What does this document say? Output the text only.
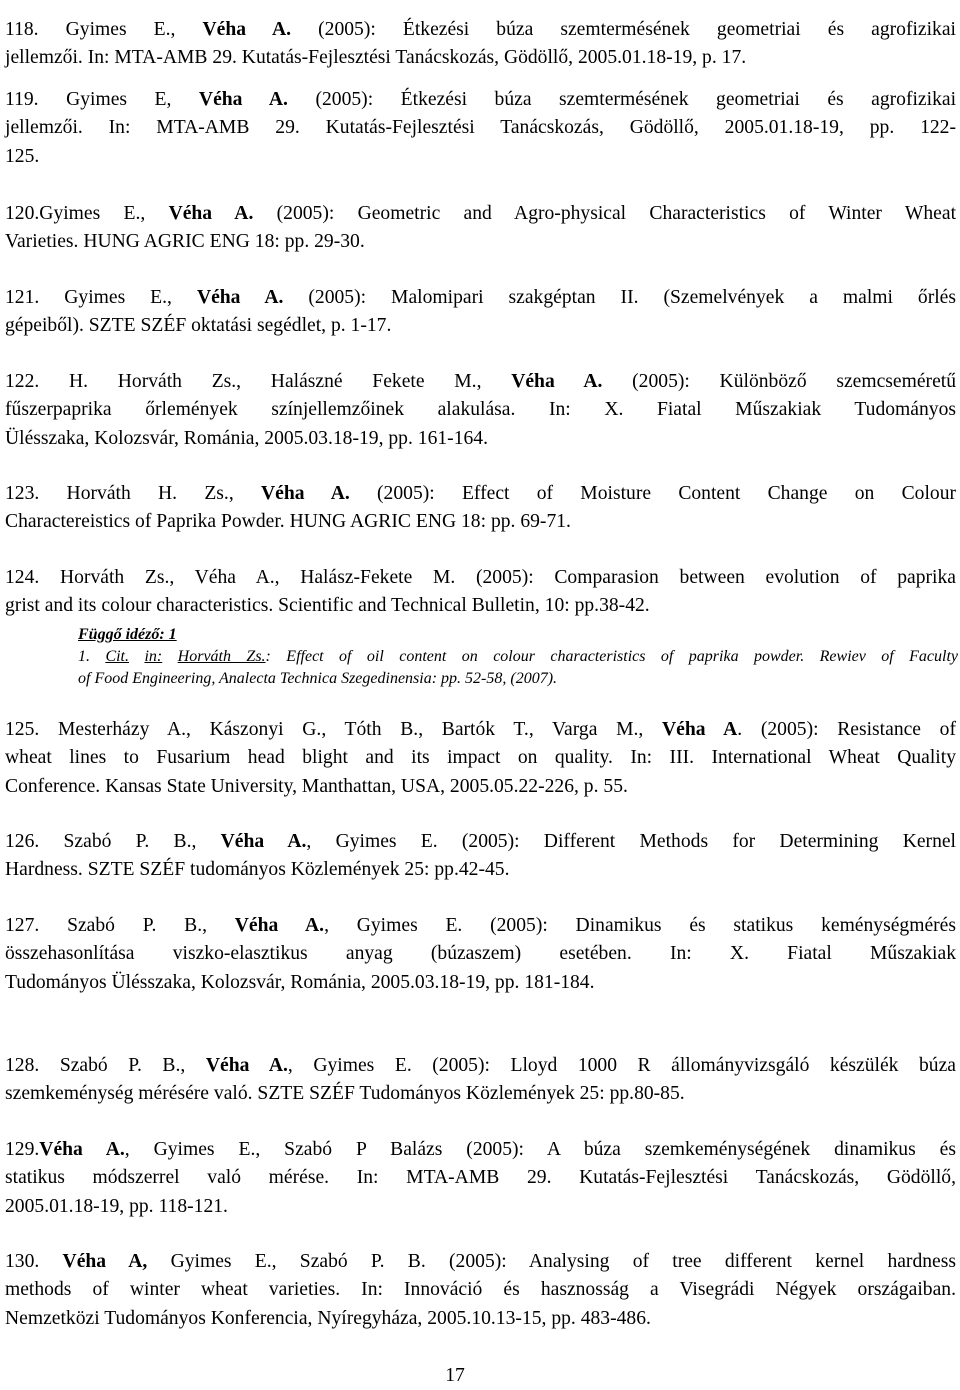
118. Gyimes E., Véha A. (2005): Étkezési búza szemtermésének geometriai és agrofizikai
jellemzői. In: MTA-AMB 29. Kutatás-Fejlesztési Tanácskozás, Gödöllő, 2005.01.18-19, p. 17.
119. Gyimes E, Véha A. (2005): Étkezési búza szemtermésének geometriai és agrofizikai
jellemzői. In: MTA-AMB 29. Kutatás-Fejlesztési Tanácskozás, Gödöllő, 2005.01.18-19, pp. 122-
125.
120.Gyimes E., Véha A. (2005): Geometric and Agro-physical Characteristics of Winter Wheat
Varieties. HUNG AGRIC ENG 18: pp. 29-30.
121. Gyimes E., Véha A. (2005): Malomipari szakgéptan II. (Szemelvények a malmi őrlés
gépeiből). SZTE SZÉF oktatási segédlet, p. 1-17.
122. H. Horváth Zs., Halászné Fekete M., Véha A. (2005): Különböző szemcseméretű
fűszerpaprika őrlemények színjellemzőinek alakulása. In: X. Fiatal Műszakiak Tudományos
Ülésszaka, Kolozsvár, Románia, 2005.03.18-19, pp. 161-164.
123. Horváth H. Zs., Véha A. (2005): Effect of Moisture Content Change on Colour
Charactereistics of Paprika Powder. HUNG AGRIC ENG 18: pp. 69-71.
124. Horváth Zs., Véha A., Halász-Fekete M. (2005): Comparasion between evolution of paprika
grist and its colour characteristics. Scientific and Technical Bulletin, 10: pp.38-42.
125. Mesterházy A., Kászonyi G., Tóth B., Bartók T., Varga M., Véha A. (2005): Resistance of
wheat lines to Fusarium head blight and its impact on quality. In: III. International Wheat Quality
Conference. Kansas State University, Manthattan, USA, 2005.05.22-226, p. 55.
126. Szabó P. B., Véha A., Gyimes E. (2005): Different Methods for Determining Kernel
Hardness. SZTE SZÉF tudományos Közlemények 25: pp.42-45.
127. Szabó P. B., Véha A., Gyimes E. (2005): Dinamikus és statikus keménységmérés
összehasonlítása viszko-elasztikus anyag (búzaszem) esetében. In: X. Fiatal Műszakiak
Tudományos Ülésszaka, Kolozsvár, Románia, 2005.03.18-19, pp. 181-184.
128. Szabó P. B., Véha A., Gyimes E. (2005): Lloyd 1000 R állományvizsgáló készülék búza
szemkeménység mérésére való. SZTE SZÉF Tudományos Közlemények 25: pp.80-85.
129.Véha A., Gyimes E., Szabó P Balázs (2005): A búza szemkeménységének dinamikus és
statikus módszerrel való mérése. In: MTA-AMB 29. Kutatás-Fejlesztési Tanácskozás, Gödöllő,
2005.01.18-19, pp. 118-121.
130. Véha A, Gyimes E., Szabó P. B. (2005): Analysing of tree different kernel hardness
methods of winter wheat varieties. In: Innováció és hasznosság a Visegrádi Négyek országaiban.
Nemzetközi Tudományos Konferencia, Nyíregyháza, 2005.10.13-15, pp. 483-486.
Függő idéző: 1
1. Cit. in: Horváth Zs.: Effect of oil content on colour characteristics of paprika powder. Rewiev of Faculty
of Food Engineering, Analecta Technica Szegedinensia: pp. 52-58, (2007).
17
